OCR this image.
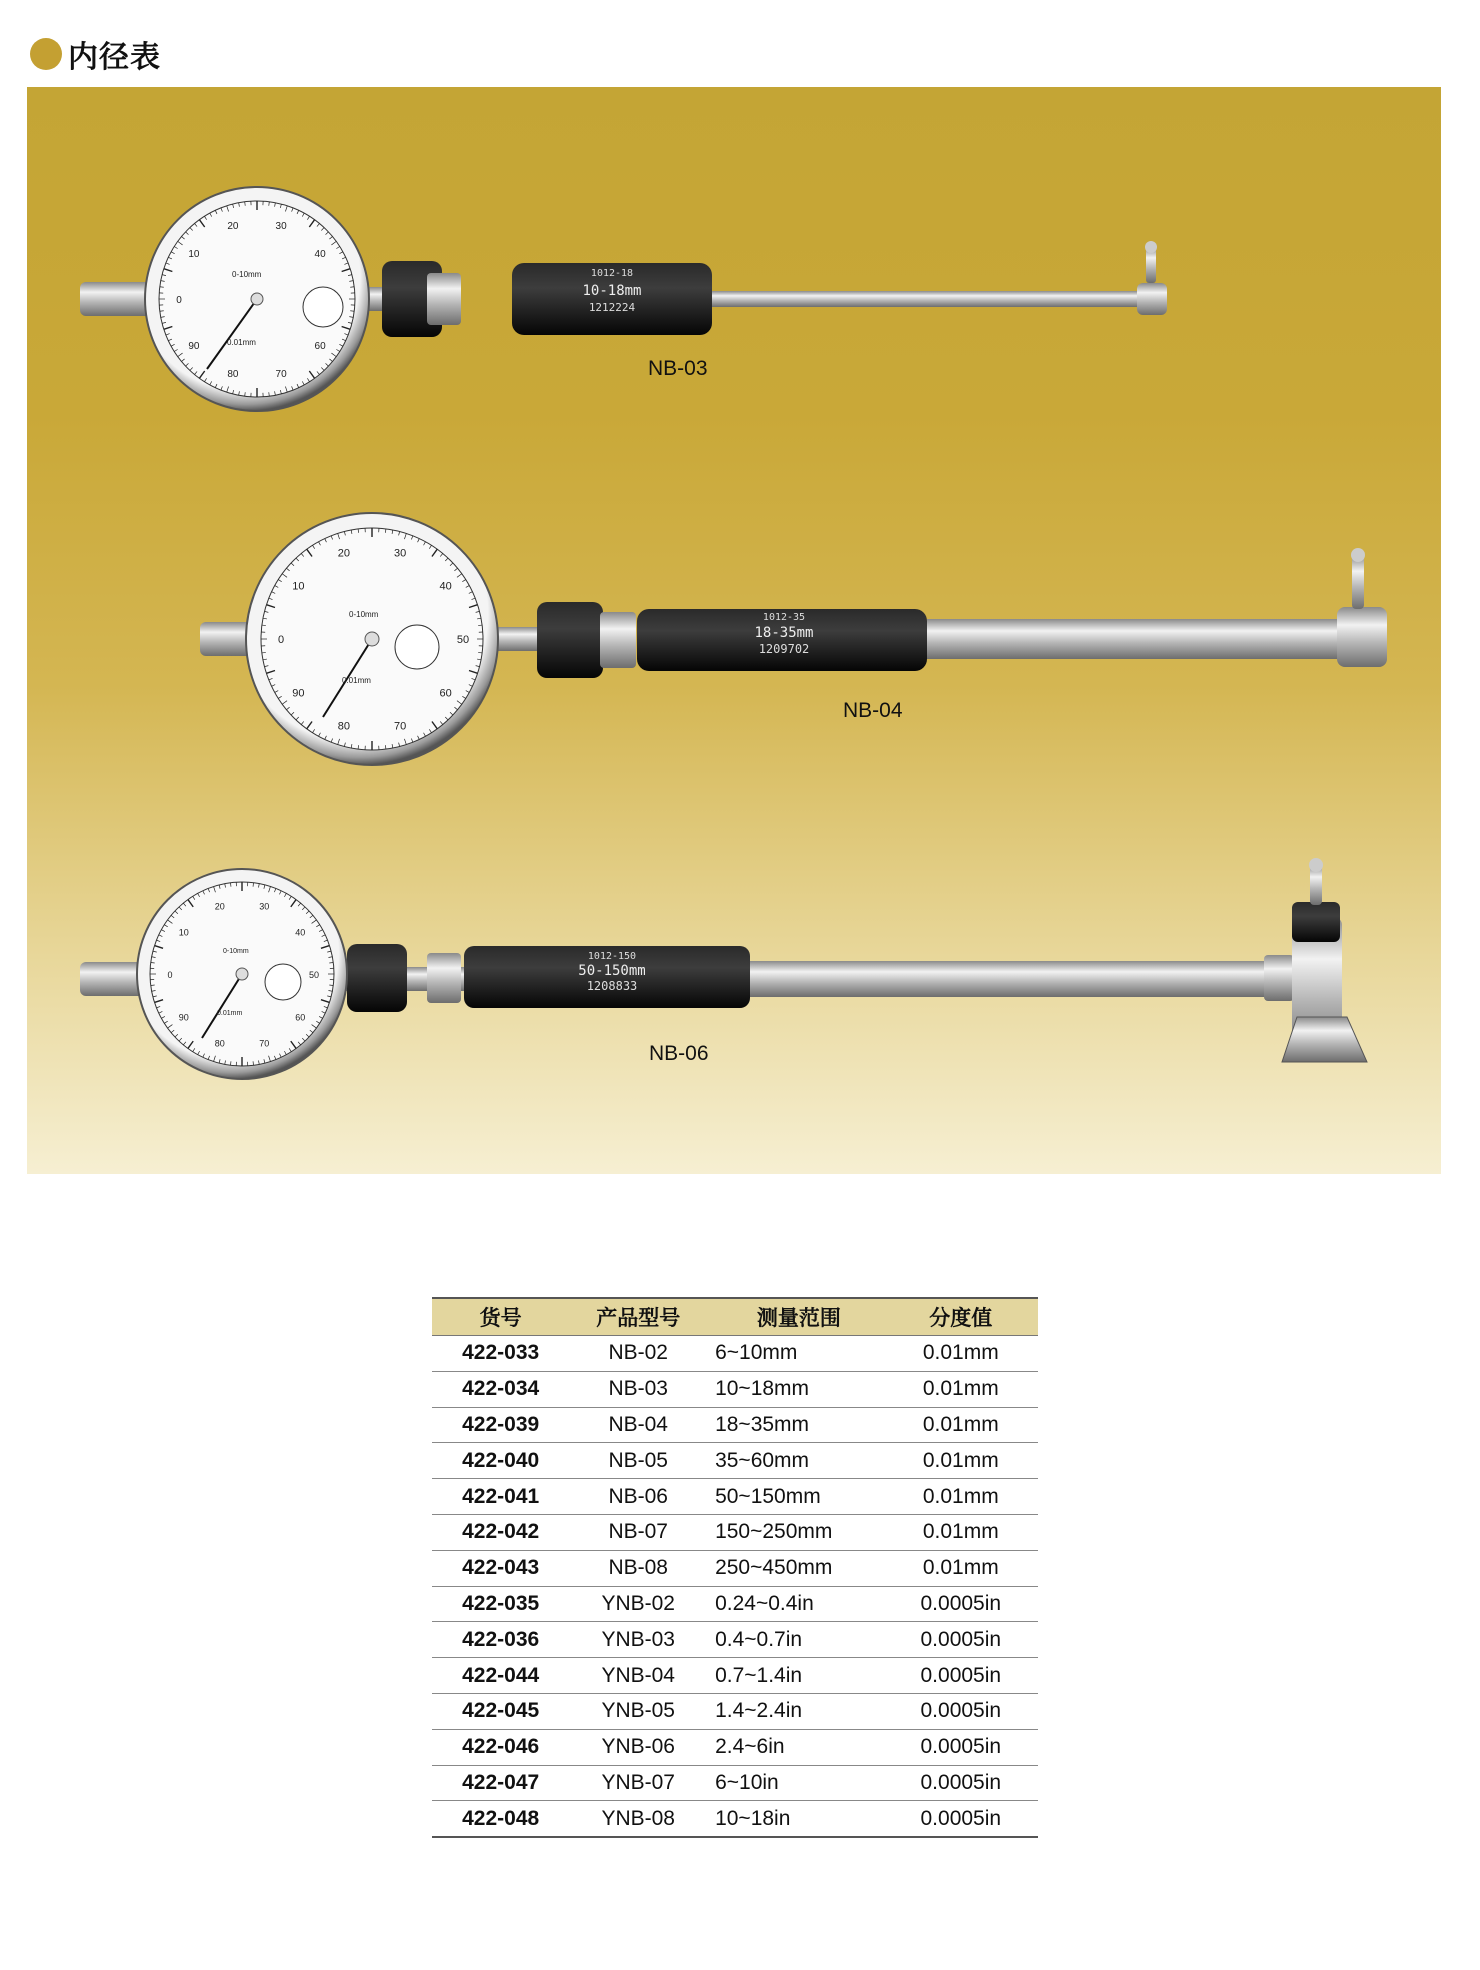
内径表
1012-18
10-18mm
1212224
0
10
20	30
40
60
70
80
90	0.01mm
0-10mm
1012-35
18-35mm
1209702
0
10
20	30
40
50
60
70
80
90
0.01mm
0-10mm
1012-150
50-150mm
1208833
0
10
20	30
40
50
60
70
80
90	0.01mm
0-10mm
NB-03
NB-04
NB-06
货号	产品型号	测量范围	分度值
422-033	NB-02	6~10mm	0.01mm
422-034	NB-03	10~18mm	0.01mm
422-039	NB-04	18~35mm	0.01mm
422-040	NB-05	35~60mm	0.01mm
422-041	NB-06	50~150mm	0.01mm
422-042	NB-07	150~250mm	0.01mm
422-043	NB-08	250~450mm	0.01mm
422-035	YNB-02	0.24~0.4in	0.0005in
422-036	YNB-03	0.4~0.7in	0.0005in
422-044	YNB-04	0.7~1.4in	0.0005in
422-045	YNB-05	1.4~2.4in	0.0005in
422-046	YNB-06	2.4~6in	0.0005in
422-047	YNB-07	6~10in	0.0005in
422-048	YNB-08	10~18in	0.0005in
